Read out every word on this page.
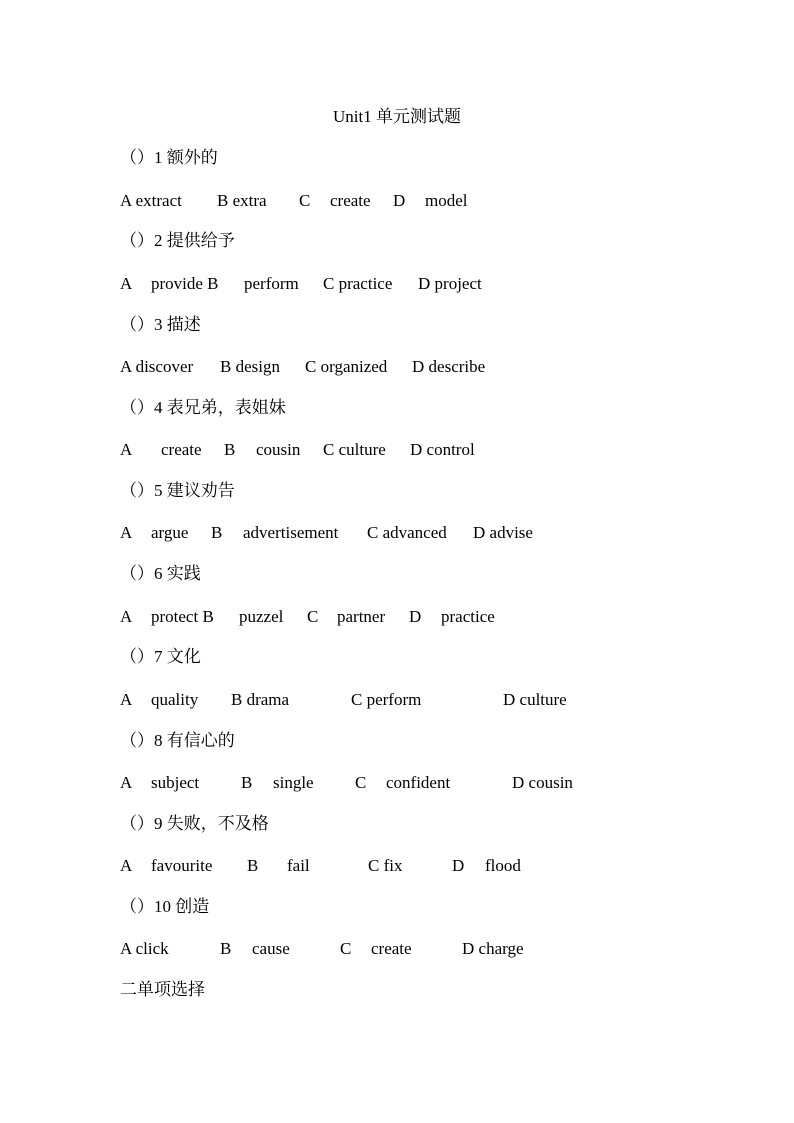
Unit1 单元测试题
（）1 额外的

A extract

B extra

C

create

D

model

（）2 提供给予

A

provide B

perform

C practice

D project

（）3 描述

A discover

B design

C organized

D describe

（）4 表兄弟，表姐妹

A

create

B

cousin

C culture

D control

（）5 建议劝告

A

argue

B

advertisement

C advanced

D advise

（）6 实践

A

protect B

puzzel

C

partner

D

practice

（）7 文化

A

quality

B drama

	C perform

	D culture

（）8 有信心的

A

subject

B

single

C

confident

	D cousin

（）9 失败，不及格

A

favourite

B

fail

	C fix

	D

flood

（）10 创造

A click

	B

cause

	C

create

	D charge

二单项选择
